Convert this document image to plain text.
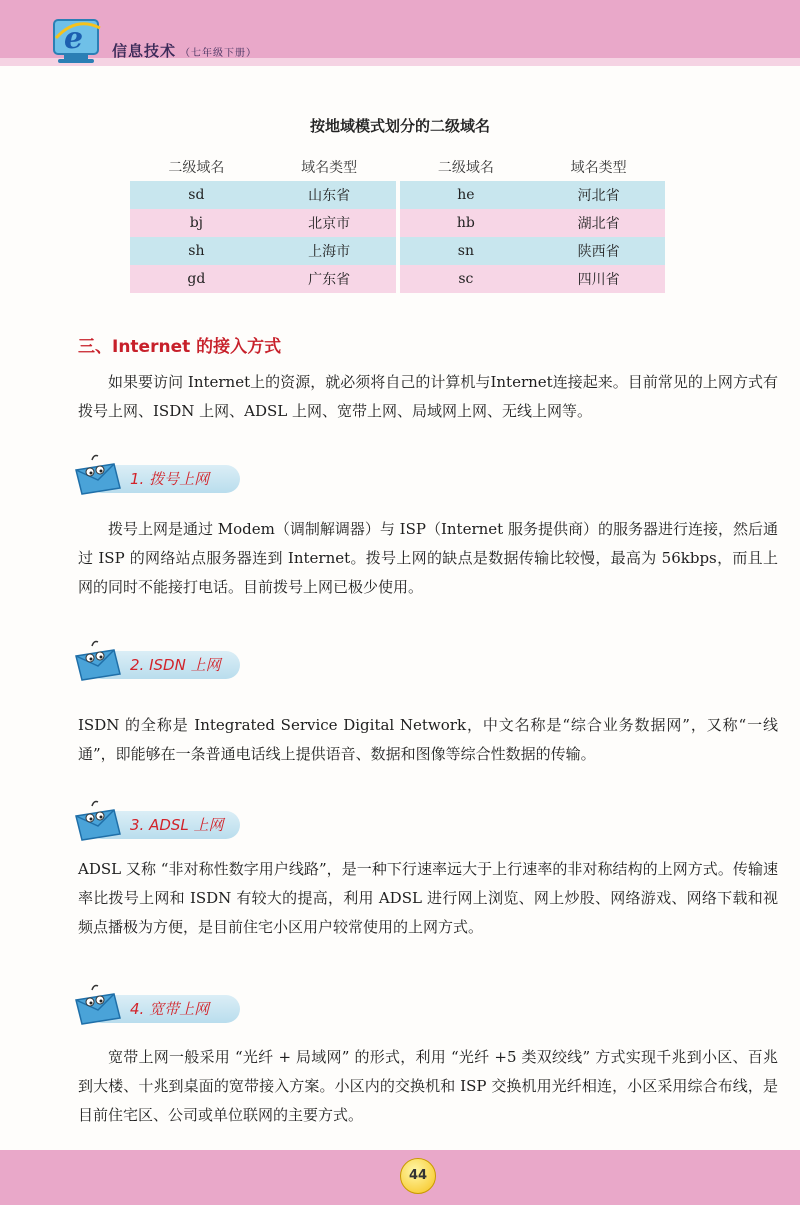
e 信息技术 （七年级下册）
按地域模式划分的二级域名
二级域名	域名类型		二级域名	域名类型
sd	山东省		he	河北省
bj	北京市		hb	湖北省
sh	上海市		sn	陕西省
gd	广东省		sc	四川省
三、Internet 的接入方式
如果要访问 Internet上的资源，就必须将自己的计算机与Internet连接起来。目前常见的上网方式有拨号上网、ISDN 上网、ADSL 上网、宽带上网、局域网上网、无线上网等。
1. 拨号上网
拨号上网是通过 Modem（调制解调器）与 ISP（Internet 服务提供商）的服务器进行连接，然后通过 ISP 的网络站点服务器连到 Internet。拨号上网的缺点是数据传输比较慢，最高为 56kbps，而且上网的同时不能接打电话。目前拨号上网已极少使用。
2. ISDN 上网
ISDN 的全称是 Integrated Service Digital Network，中文名称是“综合业务数据网”，又称“一线通”，即能够在一条普通电话线上提供语音、数据和图像等综合性数据的传输。
3. ADSL 上网
ADSL 又称 “非对称性数字用户线路”，是一种下行速率远大于上行速率的非对称结构的上网方式。传输速率比拨号上网和 ISDN 有较大的提高，利用 ADSL 进行网上浏览、网上炒股、网络游戏、网络下载和视频点播极为方便，是目前住宅小区用户较常使用的上网方式。
4. 宽带上网
宽带上网一般采用 “光纤 + 局域网” 的形式，利用 “光纤 +5 类双绞线” 方式实现千兆到小区、百兆到大楼、十兆到桌面的宽带接入方案。小区内的交换机和 ISP 交换机用光纤相连，小区采用综合布线，是目前住宅区、公司或单位联网的主要方式。
44
